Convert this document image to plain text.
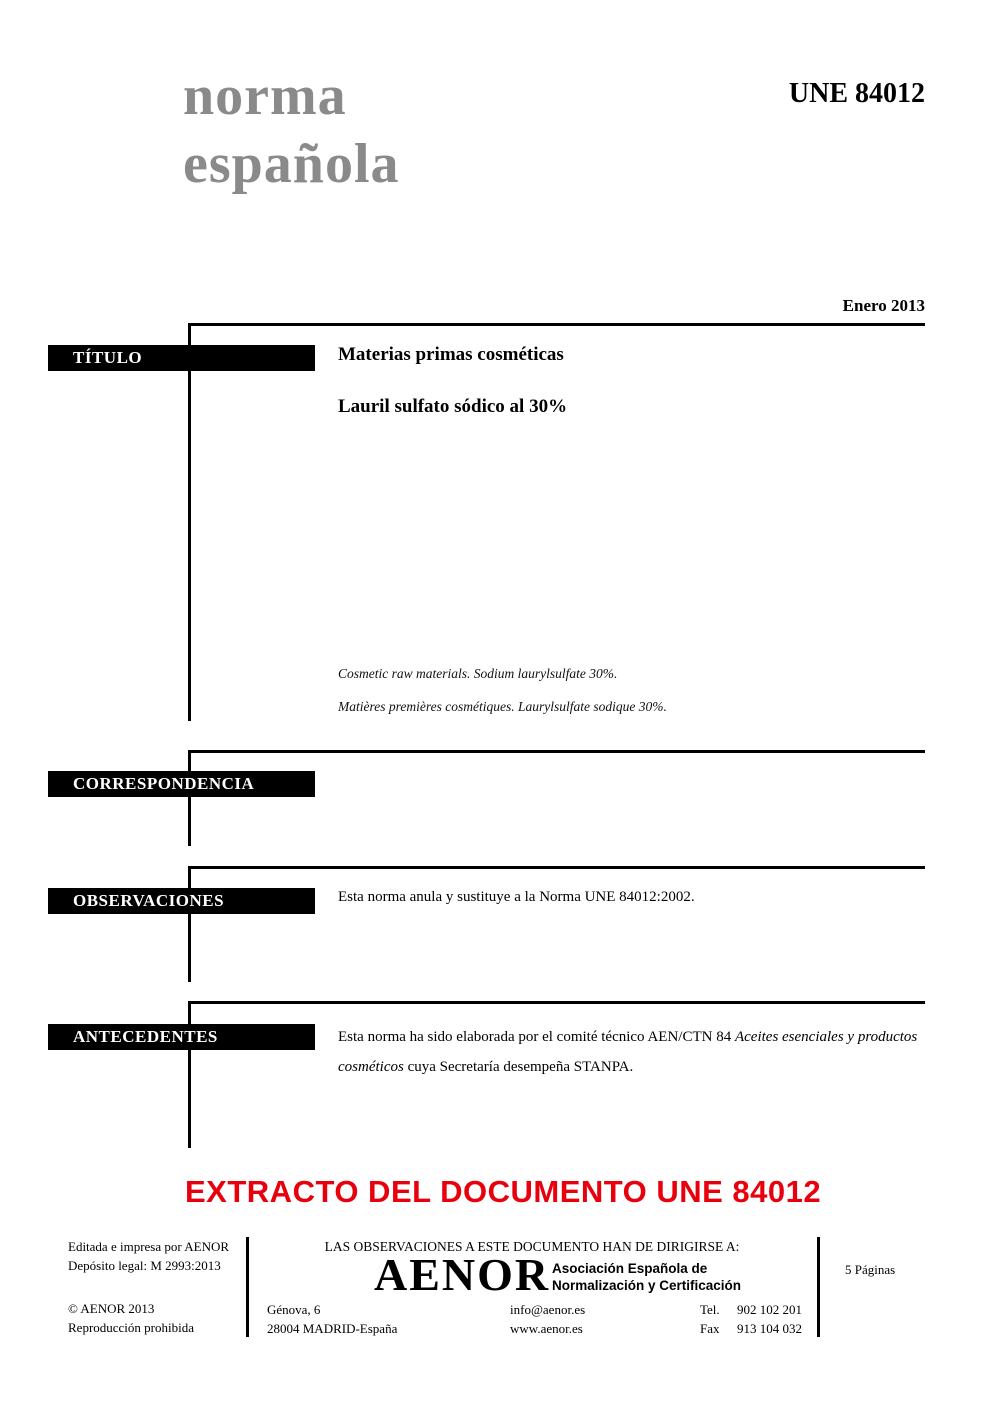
norma
española
UNE 84012
Enero 2013
TÍTULO
CORRESPONDENCIA
OBSERVACIONES
ANTECEDENTES
Materias primas cosméticas
Lauril sulfato sódico al 30%
Cosmetic raw materials. Sodium laurylsulfate 30%.
Matières premières cosmétiques. Laurylsulfate sodique 30%.
Esta norma anula y sustituye a la Norma UNE 84012:2002.
Esta norma ha sido elaborada por el comité técnico AEN/CTN 84 Aceites esenciales y productos cosméticos cuya Secretaría desempeña STANPA.
EXTRACTO DEL DOCUMENTO UNE 84012
Editada e impresa por AENOR
Depósito legal: M 2993:2013
© AENOR 2013
Reproducción prohibida
LAS OBSERVACIONES A ESTE DOCUMENTO HAN DE DIRIGIRSE A:
AENOR Asociación Española de
Normalización y Certificación
Génova, 6
28004 MADRID-España
info@aenor.es
www.aenor.es
Tel. 902 102 201
Fax 913 104 032
5 Páginas
